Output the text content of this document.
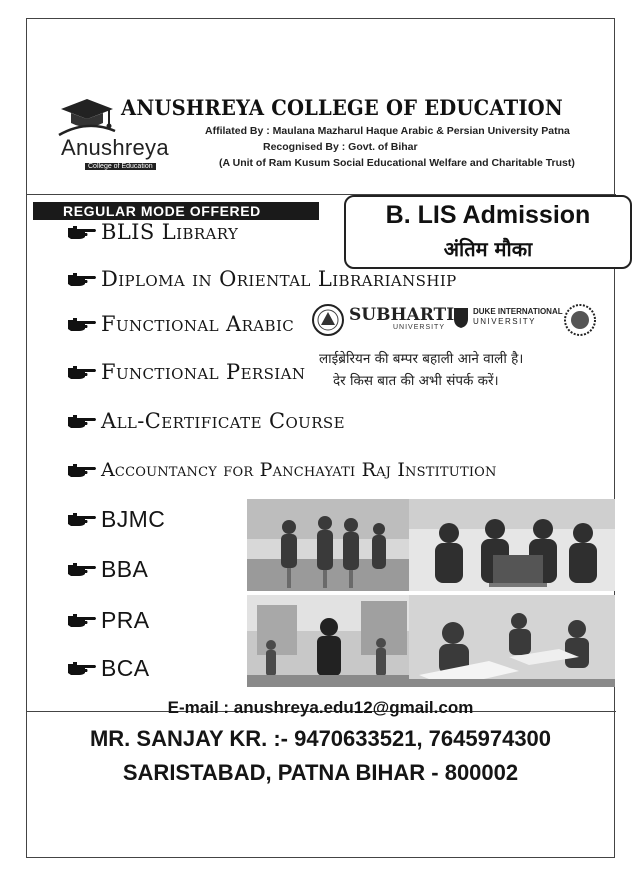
Anushreya
College of Education
ANUSHREYA COLLEGE OF EDUCATION
Affilated By : Maulana Mazharul Haque Arabic & Persian University Patna
Recognised By : Govt. of Bihar
(A Unit of Ram Kusum Social Educational Welfare and Charitable Trust)
REGULAR MODE OFFERED	B. LIS Admission
अंतिम मौका
BLIS Library
Diploma in Oriental Librarianship
Functional Arabic
Functional Persian
All-Certificate Course
Accountancy for Panchayati Raj Institution
BJMC
BBA
PRA
BCA
SUBHARTI
UNIVERSITY
DUKE INTERNATIONAL
UNIVERSITY
लाईब्रेरियन की बम्पर बहाली आने वाली है।
देर किस बात की अभी संपर्क करें।
E-mail : anushreya.edu12@gmail.com
MR. SANJAY KR. :- 9470633521, 7645974300
SARISTABAD, PATNA BIHAR - 800002
